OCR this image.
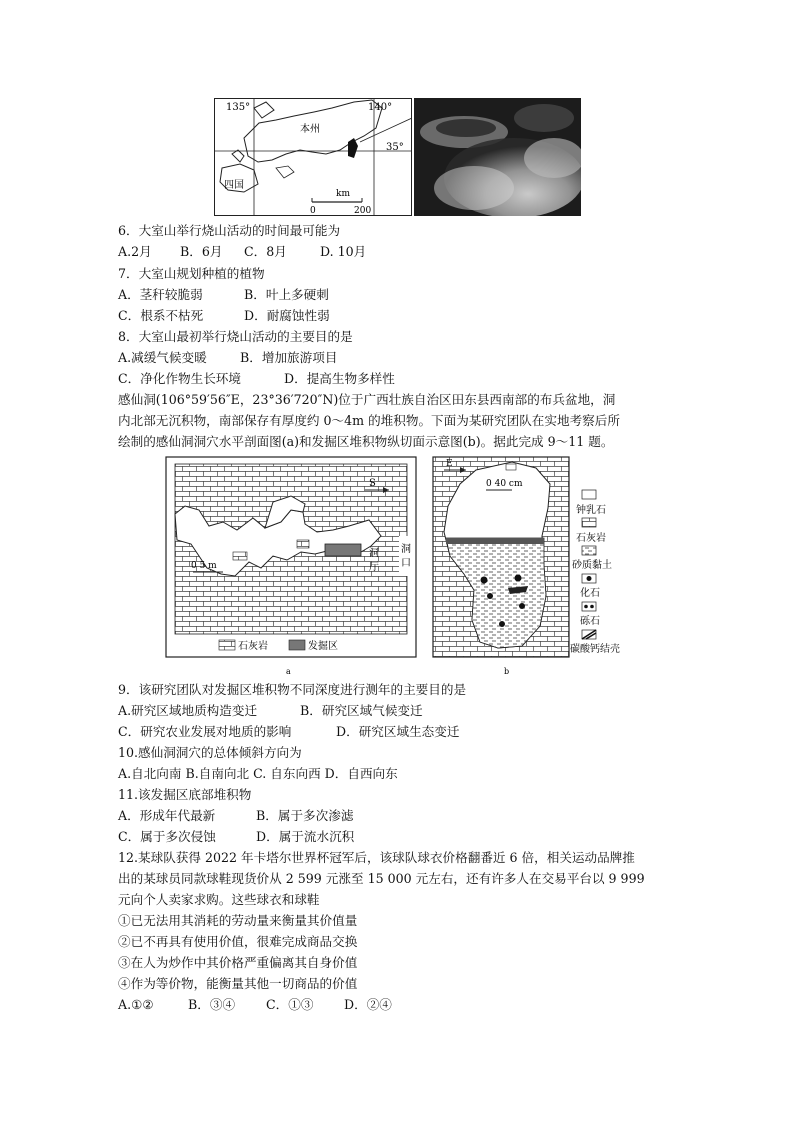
135°	140°
35°
本州
四国
km
0	200
6．大室山举行烧山活动的时间最可能为
A.2月 B．6月 C．8月	D. 10月
7．大室山规划种植的植物
A．茎秆较脆弱	B．叶上多硬刺
C．根系不枯死	D．耐腐蚀性弱
8．大室山最初举行烧山活动的主要目的是
A.减缓气候变暖	B．增加旅游项目
C．净化作物生长环境	D．提高生物多样性
感仙洞(106°59′56″E，23°36′720″N)位于广西壮族自治区田东县西南部的布兵盆地，洞
内北部无沉积物，南部保存有厚度约 0～4m 的堆积物。下面为某研究团队在实地考察后所
绘制的感仙洞洞穴水平剖面图(a)和发掘区堆积物纵切面示意图(b)。据此完成 9～11 题。
S
0 5 m
洞
厅
洞
口
石灰岩	发掘区
a
E
0 40 cm
钟乳石
石灰岩
砂质黏土
化石
砾石
碳酸钙结壳
b
9．该研究团队对发掘区堆积物不同深度进行测年的主要目的是
A.研究区域地质构造变迁	B．研究区域气候变迁
C．研究农业发展对地质的影响	D．研究区域生态变迁
10.感仙洞洞穴的总体倾斜方向为
A.自北向南 B.自南向北 C. 自东向西 D．自西向东
11.该发掘区底部堆积物
A．形成年代最新	B．属于多次渗滤
C．属于多次侵蚀	D．属于流水沉积
12.某球队获得 2022 年卡塔尔世界杯冠军后，该球队球衣价格翻番近 6 倍，相关运动品牌推
出的某球员同款球鞋现货价从 2 599 元涨至 15 000 元左右，还有许多人在交易平台以 9 999
元向个人卖家求购。这些球衣和球鞋
①已无法用其消耗的劳动量来衡量其价值量
②已不再具有使用价值，很难完成商品交换
③在人为炒作中其价格严重偏离其自身价值
④作为等价物，能衡量其他一切商品的价值
A.①②	B．③④ C．①③ D．②④
